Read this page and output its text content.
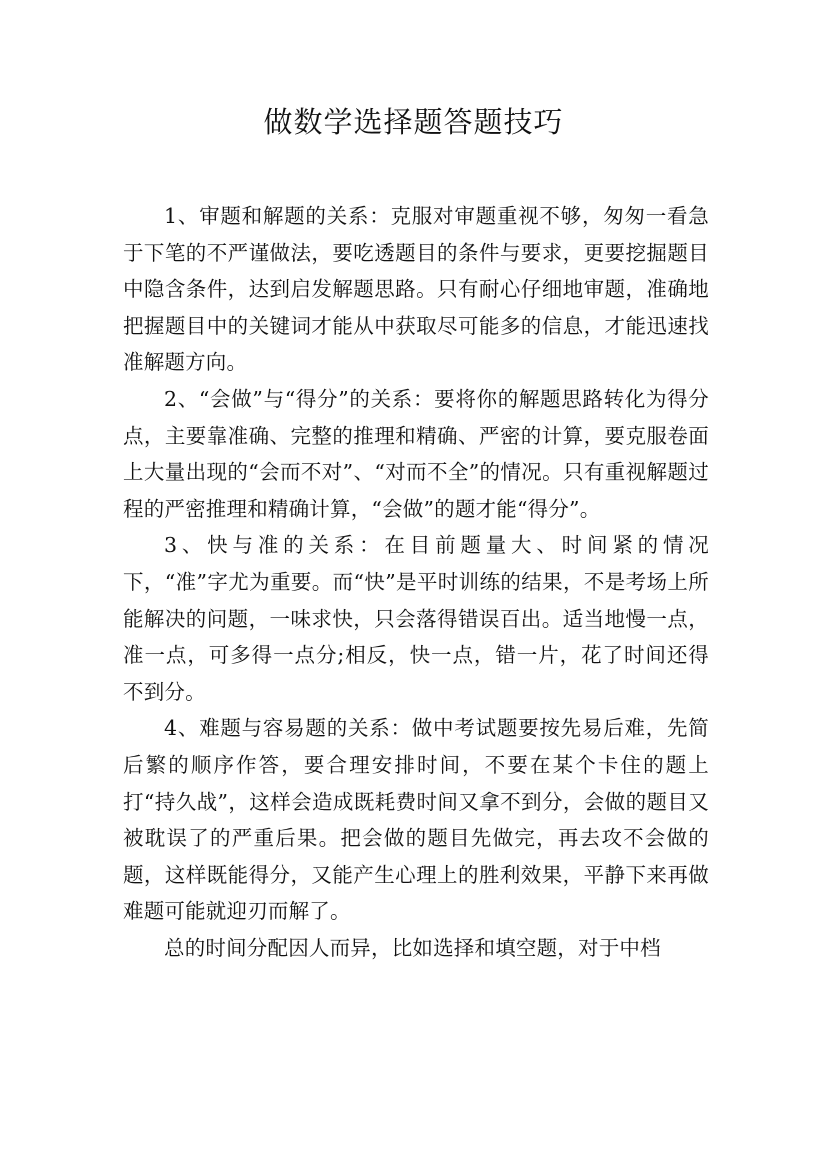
做数学选择题答题技巧

1、审题和解题的关系：克服对审题重视不够，匆匆一看急于下笔的不严谨做法，要吃透题目的条件与要求，更要挖掘题目中隐含条件，达到启发解题思路。只有耐心仔细地审题，准确地把握题目中的关键词才能从中获取尽可能多的信息，才能迅速找准解题方向。

2、“会做”与“得分”的关系：要将你的解题思路转化为得分点，主要靠准确、完整的推理和精确、严密的计算，要克服卷面上大量出现的“会而不对”、“对而不全”的情况。只有重视解题过程的严密推理和精确计算，“会做”的题才能“得分”。

3、快与准的关系：在目前题量大、时间紧的情况下，“准”字尤为重要。而“快”是平时训练的结果，不是考场上所能解决的问题，一味求快，只会落得错误百出。适当地慢一点，准一点，可多得一点分;相反，快一点，错一片，花了时间还得不到分。

4、难题与容易题的关系：做中考试题要按先易后难，先简后繁的顺序作答，要合理安排时间，不要在某个卡住的题上打“持久战”，这样会造成既耗费时间又拿不到分，会做的题目又被耽误了的严重后果。把会做的题目先做完，再去攻不会做的题，这样既能得分，又能产生心理上的胜利效果，平静下来再做难题可能就迎刃而解了。

总的时间分配因人而异，比如选择和填空题，对于中档
